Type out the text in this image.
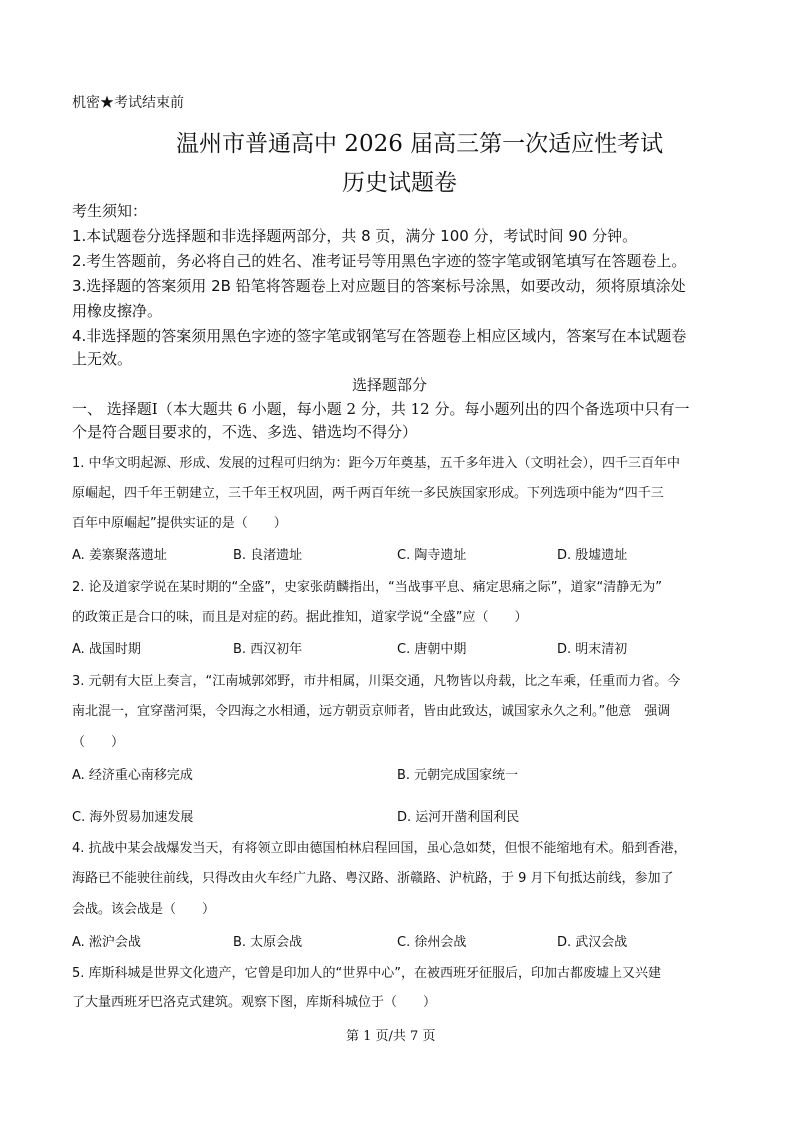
机密★考试结束前
温州市普通高中 2026 届高三第一次适应性考试
历史试题卷
考生须知：
1.本试题卷分选择题和非选择题两部分，共 8 页，满分 100 分，考试时间 90 分钟。
2.考生答题前，务必将自己的姓名、准考证号等用黑色字迹的签字笔或钢笔填写在答题卷上。
3.选择题的答案须用 2B 铅笔将答题卷上对应题目的答案标号涂黑，如要改动，须将原填涂处
用橡皮擦净。
4.非选择题的答案须用黑色字迹的签字笔或钢笔写在答题卷上相应区域内，答案写在本试题卷
上无效。
选择题部分
一、 选择题Ⅰ（本大题共 6 小题，每小题 2 分，共 12 分。每小题列出的四个备选项中只有一
个是符合题目要求的，不选、多选、错选均不得分）
1. 中华文明起源、形成、发展的过程可归纳为：距今万年奠基，五千多年进入（文明社会），四千三百年中
原崛起，四千年王朝建立，三千年王权巩固，两千两百年统一多民族国家形成。下列选项中能为“四千三
百年中原崛起”提供实证的是（　　）
A. 姜寨聚落遗址	B. 良渚遗址	C. 陶寺遗址	D. 殷墟遗址
2. 论及道家学说在某时期的“全盛”，史家张荫麟指出，“当战事平息、痛定思痛之际”，道家“清静无为”
的政策正是合口的味，而且是对症的药。据此推知，道家学说“全盛”应（　　）
A. 战国时期	B. 西汉初年	C. 唐朝中期	D. 明末清初
3. 元朝有大臣上奏言，“江南城郭郊野，市井相属，川渠交通，凡物皆以舟载，比之车乘，任重而力省。今
南北混一，宜穿凿河渠，令四海之水相通，远方朝贡京师者，皆由此致达，诚国家永久之利。”他意　强调
（　　）
A. 经济重心南移完成	B. 元朝完成国家统一
C. 海外贸易加速发展	D. 运河开凿利国利民
4. 抗战中某会战爆发当天，有将领立即由德国柏林启程回国，虽心急如焚，但恨不能缩地有术。船到香港，
海路已不能驶往前线，只得改由火车经广九路、粤汉路、浙赣路、沪杭路，于 9 月下旬抵达前线，参加了
会战。该会战是（　　）
A. 淞沪会战	B. 太原会战	C. 徐州会战	D. 武汉会战
5. 库斯科城是世界文化遗产，它曾是印加人的“世界中心”，在被西班牙征服后，印加古都废墟上又兴建
了大量西班牙巴洛克式建筑。观察下图，库斯科城位于（　　）
第 1 页/共 7 页
